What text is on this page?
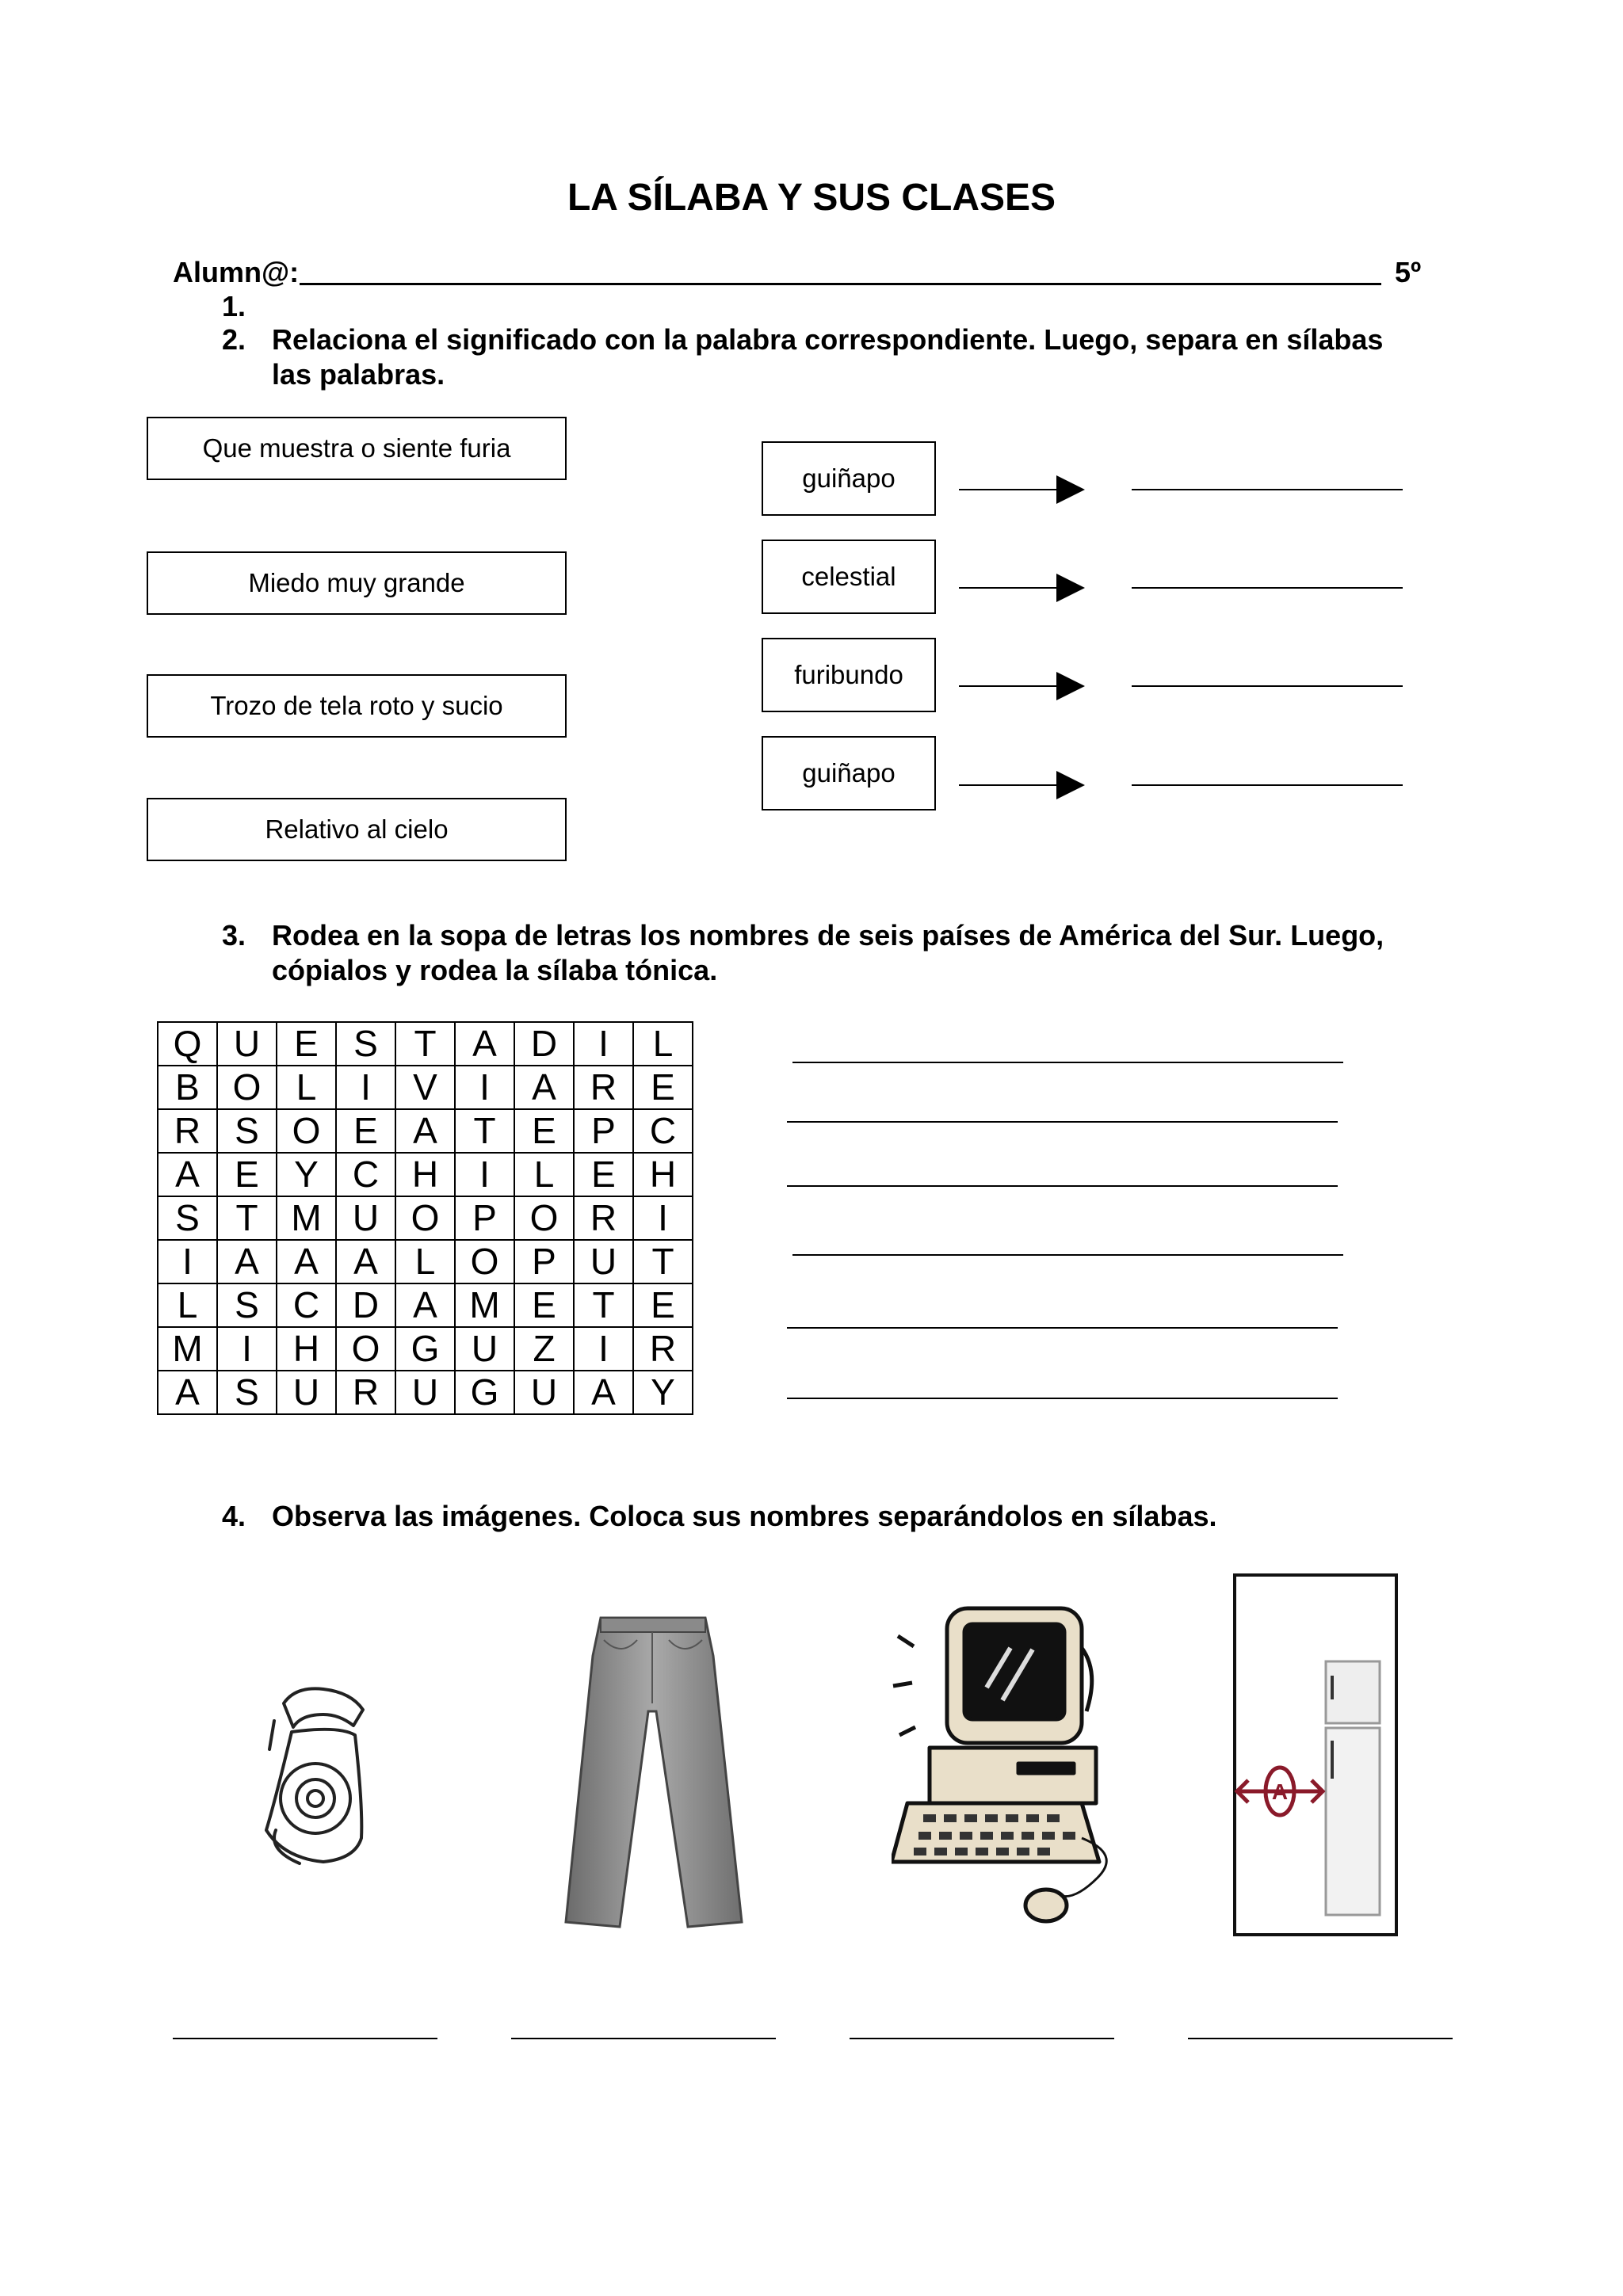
LA SÍLABA Y SUS CLASES
Alumn@:	5º
1.
2. Relaciona el significado con la palabra correspondiente. Luego, separa en sílabas
las palabras.
Que muestra o siente furia
Miedo muy grande
Trozo de tela roto y sucio
Relativo al cielo
guiñapo
celestial
furibundo
guiñapo
3. Rodea en la sopa de letras los nombres de seis países de América del Sur. Luego,
cópialos y rodea la sílaba tónica.
Q	U	E	S	T	A	D	I	L
B	O	L	I	V	I	A	R	E
R	S	O	E	A	T	E	P	C
A	E	Y	C	H	I	L	E	H
S	T	M	U	O	P	O	R	I
I	A	A	A	L	O	P	U	T
L	S	C	D	A	M	E	T	E
M	I	H	O	G	U	Z	I	R
A	S	U	R	U	G	U	A	Y
4. Observa las imágenes. Coloca sus nombres separándolos en sílabas.
A
